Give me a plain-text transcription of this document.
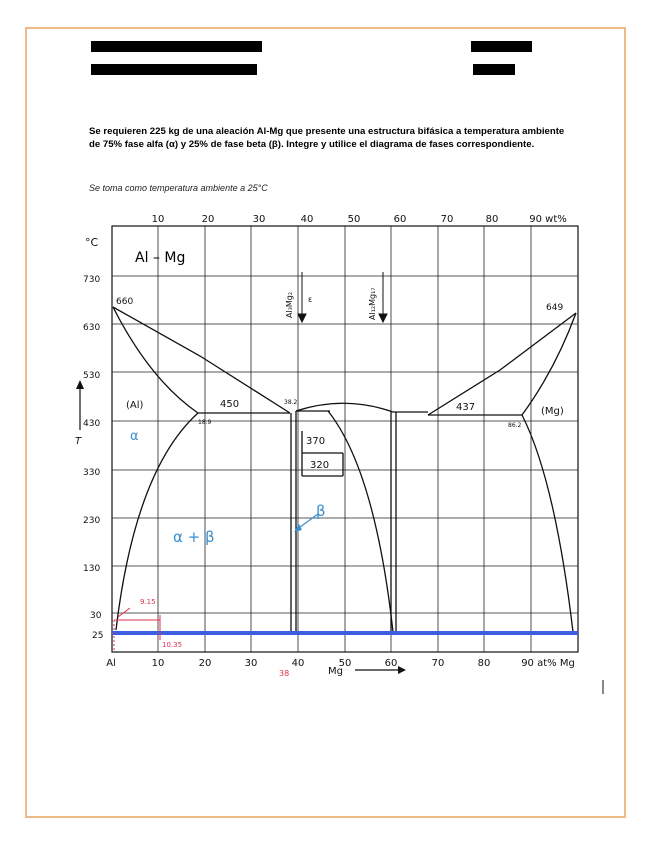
Se requieren 225 kg de una aleación Al-Mg que presente una estructura bifásica a temperatura ambiente de 75% fase alfa (α) y 25% de fase beta (β). Integre y utilice el diagrama de fases correspondiente.
Se toma como temperatura ambiente a 25°C
Al – Mg
10	20	30	40	50	60	70	80	90 wt%
Al	10	20	30	40	50	60	70	80	90 at% Mg
Mg
°C
T
730
630
530
430
330
230
130
30
25
660
649
450	437
18.9	86.2
38.2
370
320
(Al)
(Mg)
ε
Al₃Mg₂	Al₁₂Mg₁₇
α
α + β
β
9.15
10.35
38
